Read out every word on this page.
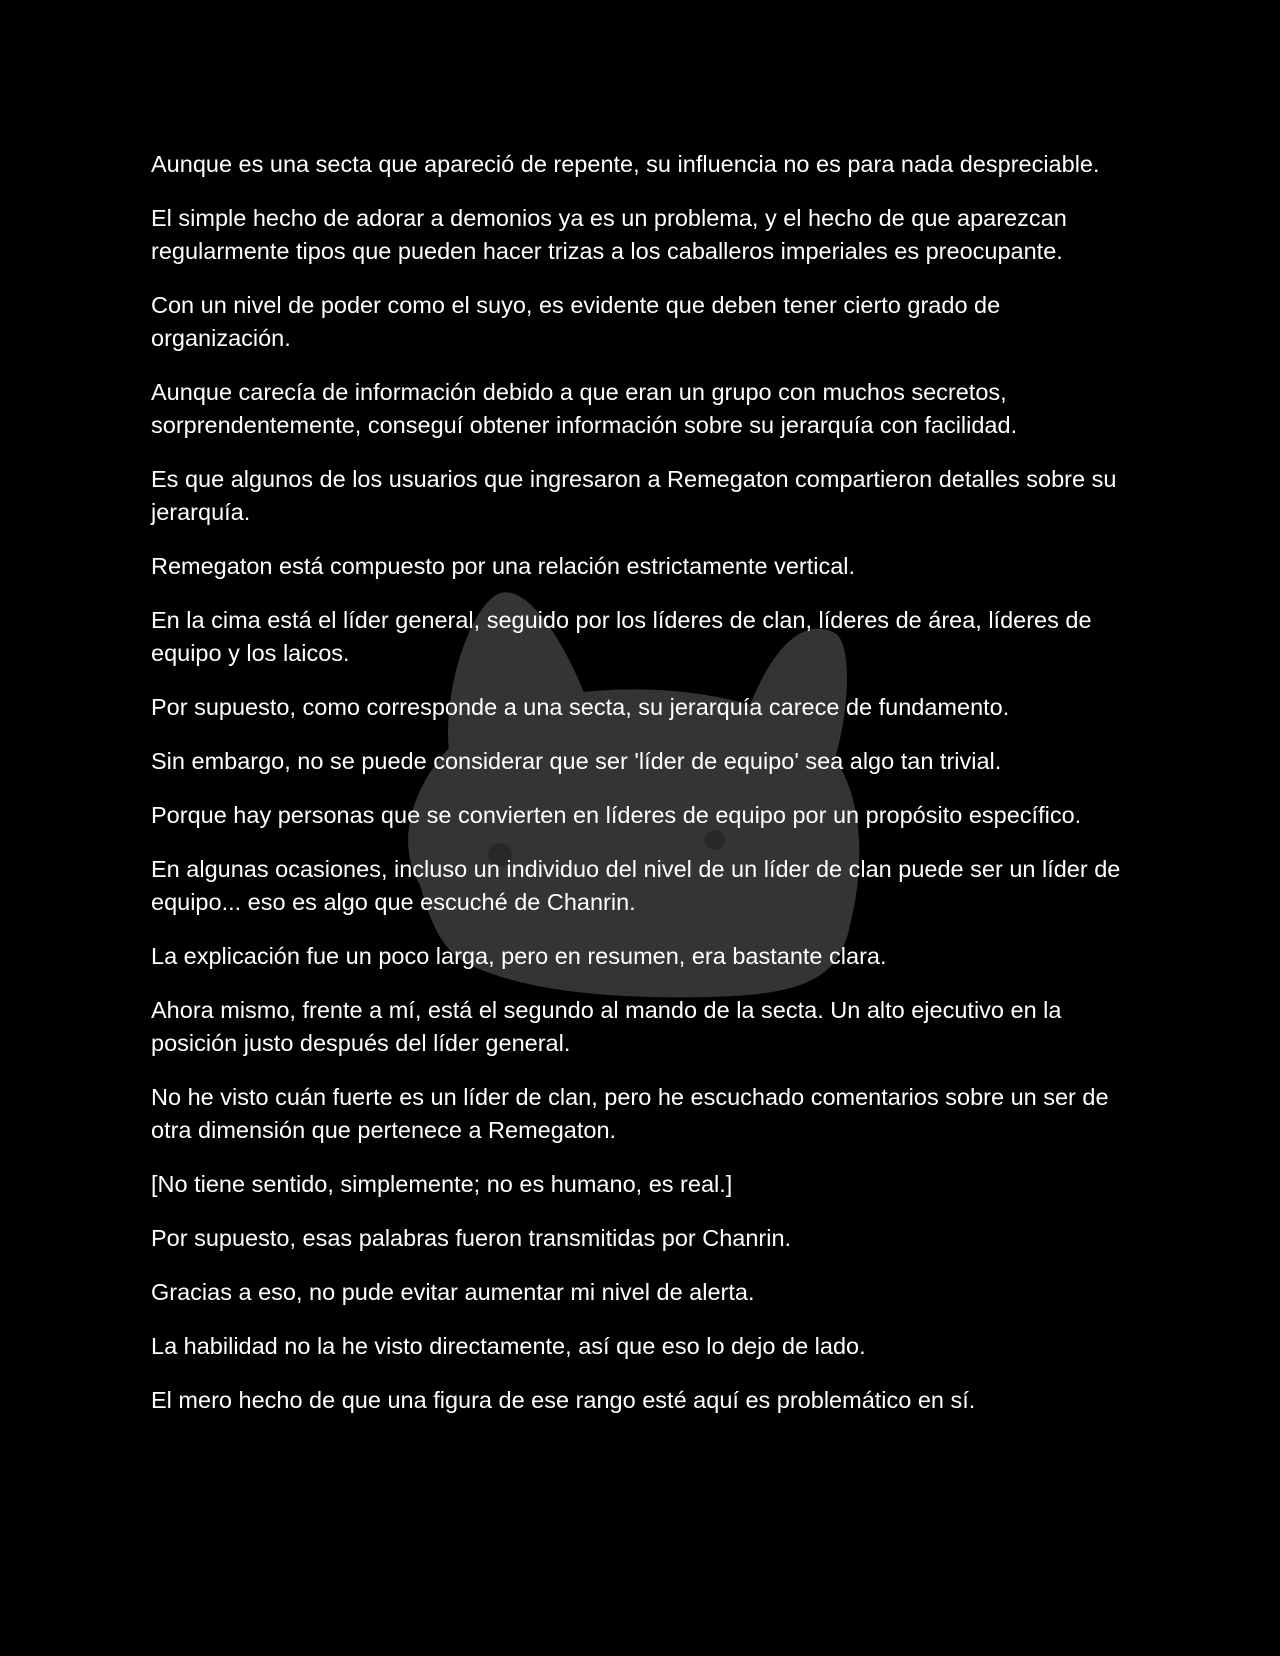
Aunque es una secta que apareció de repente, su influencia no es para nada despreciable.

El simple hecho de adorar a demonios ya es un problema, y el hecho de que aparezcan regularmente tipos que pueden hacer trizas a los caballeros imperiales es preocupante.

Con un nivel de poder como el suyo, es evidente que deben tener cierto grado de organización.

Aunque carecía de información debido a que eran un grupo con muchos secretos, sorprendentemente, conseguí obtener información sobre su jerarquía con facilidad.

Es que algunos de los usuarios que ingresaron a Remegaton compartieron detalles sobre su jerarquía.

Remegaton está compuesto por una relación estrictamente vertical.

En la cima está el líder general, seguido por los líderes de clan, líderes de área, líderes de equipo y los laicos.

Por supuesto, como corresponde a una secta, su jerarquía carece de fundamento.

Sin embargo, no se puede considerar que ser 'líder de equipo' sea algo tan trivial.

Porque hay personas que se convierten en líderes de equipo por un propósito específico.

En algunas ocasiones, incluso un individuo del nivel de un líder de clan puede ser un líder de equipo... eso es algo que escuché de Chanrin.

La explicación fue un poco larga, pero en resumen, era bastante clara.

Ahora mismo, frente a mí, está el segundo al mando de la secta. Un alto ejecutivo en la posición justo después del líder general.

No he visto cuán fuerte es un líder de clan, pero he escuchado comentarios sobre un ser de otra dimensión que pertenece a Remegaton.

[No tiene sentido, simplemente; no es humano, es real.]

Por supuesto, esas palabras fueron transmitidas por Chanrin.

Gracias a eso, no pude evitar aumentar mi nivel de alerta.

La habilidad no la he visto directamente, así que eso lo dejo de lado.

El mero hecho de que una figura de ese rango esté aquí es problemático en sí.
